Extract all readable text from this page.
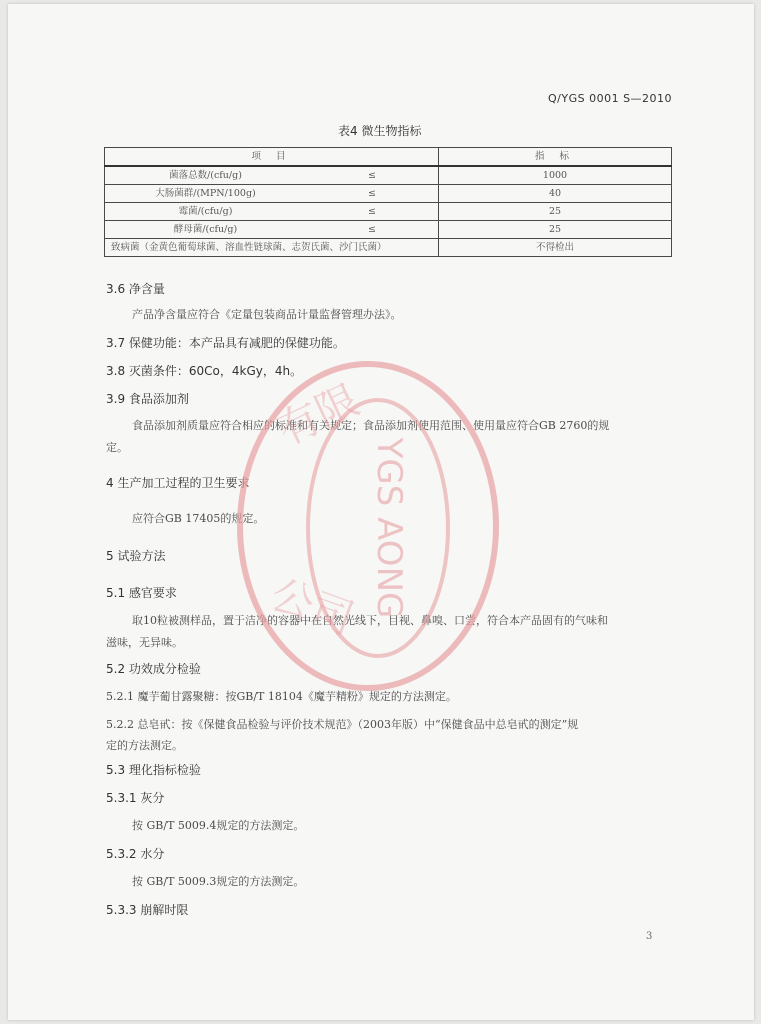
Q/YGS 0001 S—2010
表4 微生物指标
项 目		指 标
菌落总数/(cfu/g)	≤	1000
大肠菌群/(MPN/100g)	≤	40
霉菌/(cfu/g)	≤	25
酵母菌/(cfu/g)	≤	25
致病菌（金黄色葡萄球菌、溶血性链球菌、志贺氏菌、沙门氏菌）		不得检出
3.6 净含量
产品净含量应符合《定量包装商品计量监督管理办法》。
3.7 保健功能：本产品具有减肥的保健功能。
3.8 灭菌条件：60Co，4kGy，4h。
3.9 食品添加剂
食品添加剂质量应符合相应的标准和有关规定；食品添加剂使用范围、使用量应符合GB 2760的规
定。
4 生产加工过程的卫生要求
应符合GB 17405的规定。
5 试验方法
5.1 感官要求
取10粒被测样品，置于洁净的容器中在自然光线下，目视、鼻嗅、口尝，符合本产品固有的气味和
滋味，无异味。
5.2 功效成分检验
5.2.1 魔芋葡甘露聚糖：按GB/T 18104《魔芋精粉》规定的方法测定。
5.2.2 总皂甙：按《保健食品检验与评价技术规范》（2003年版）中“保健食品中总皂甙的测定”规
定的方法测定。
5.3 理化指标检验
5.3.1 灰分
按 GB/T 5009.4规定的方法测定。
5.3.2 水分
按 GB/T 5009.3规定的方法测定。
5.3.3 崩解时限
3
有限
公司 YGS AONG
